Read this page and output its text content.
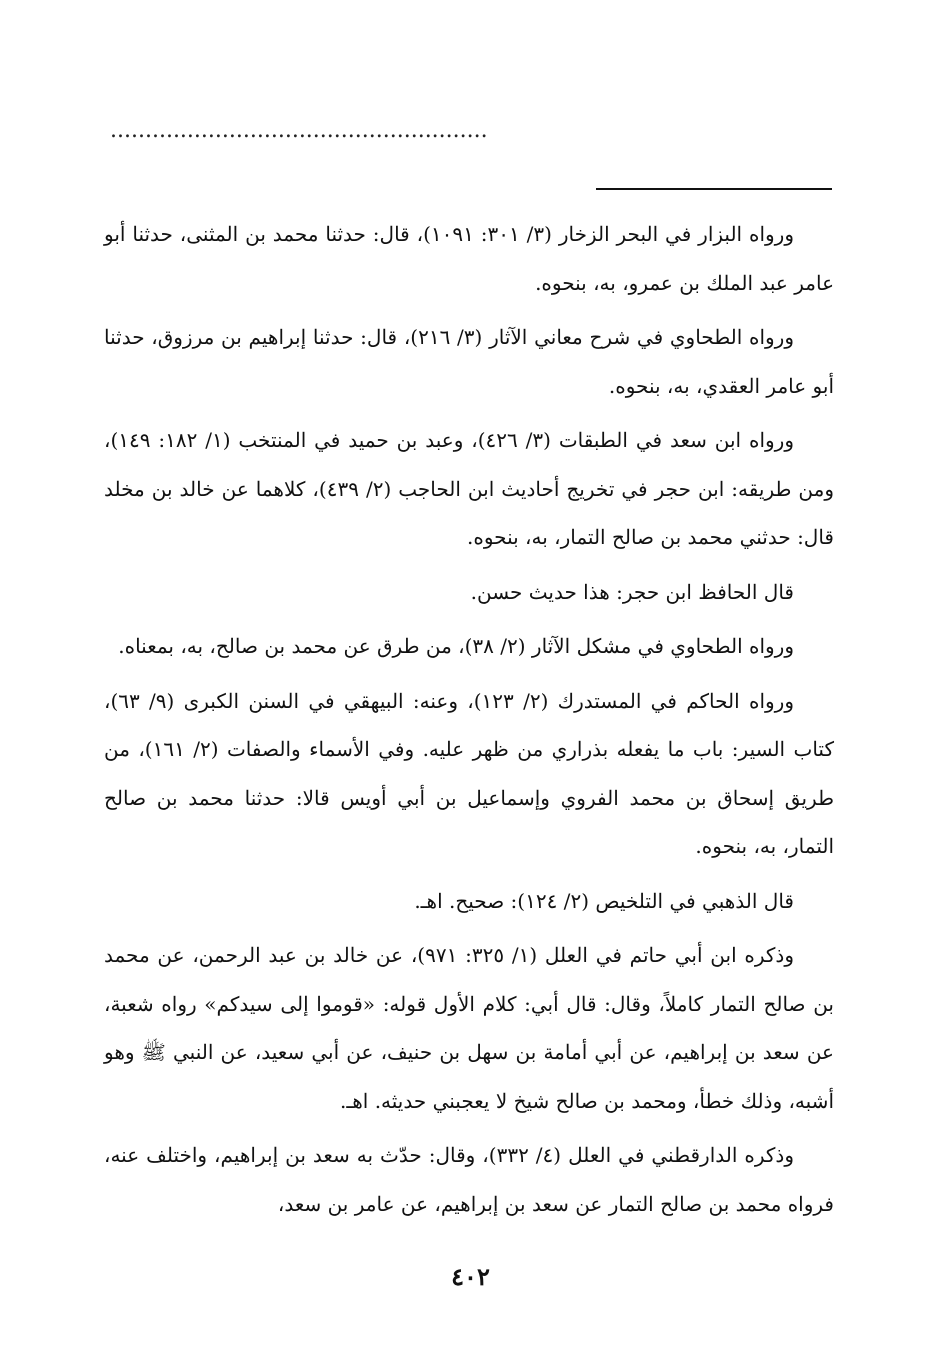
......................................................

ورواه البزار في البحر الزخار (٣/ ٣٠١: ١٠٩١)، قال: حدثنا محمد بن المثنى، حدثنا أبو عامر عبد الملك بن عمرو، به، بنحوه.

ورواه الطحاوي في شرح معاني الآثار (٣/ ٢١٦)، قال: حدثنا إبراهيم بن مرزوق، حدثنا أبو عامر العقدي، به، بنحوه.

ورواه ابن سعد في الطبقات (٣/ ٤٢٦)، وعبد بن حميد في المنتخب (١/ ١٨٢: ١٤٩)، ومن طريقه: ابن حجر في تخريج أحاديث ابن الحاجب (٢/ ٤٣٩)، كلاهما عن خالد بن مخلد قال: حدثني محمد بن صالح التمار، به، بنحوه.

قال الحافظ ابن حجر: هذا حديث حسن.

ورواه الطحاوي في مشكل الآثار (٢/ ٣٨)، من طرق عن محمد بن صالح، به، بمعناه.

ورواه الحاكم في المستدرك (٢/ ١٢٣)، وعنه: البيهقي في السنن الكبرى (٩/ ٦٣)، كتاب السير: باب ما يفعله بذراري من ظهر عليه. وفي الأسماء والصفات (٢/ ١٦١)، من طريق إسحاق بن محمد الفروي وإسماعيل بن أبي أويس قالا: حدثنا محمد بن صالح التمار، به، بنحوه.

قال الذهبي في التلخيص (٢/ ١٢٤): صحيح. اهـ.

وذكره ابن أبي حاتم في العلل (١/ ٣٢٥: ٩٧١)، عن خالد بن عبد الرحمن، عن محمد بن صالح التمار كاملاً، وقال: قال أبي: كلام الأول قوله: «قوموا إلى سيدكم» رواه شعبة، عن سعد بن إبراهيم، عن أبي أمامة بن سهل بن حنيف، عن أبي سعيد، عن النبي ﷺ وهو أشبه، وذلك خطأ، ومحمد بن صالح شيخ لا يعجبني حديثه. اهـ.

وذكره الدارقطني في العلل (٤/ ٣٣٢)، وقال: حدّث به سعد بن إبراهيم، واختلف عنه، فرواه محمد بن صالح التمار عن سعد بن إبراهيم، عن عامر بن سعد،

٤٠٢
